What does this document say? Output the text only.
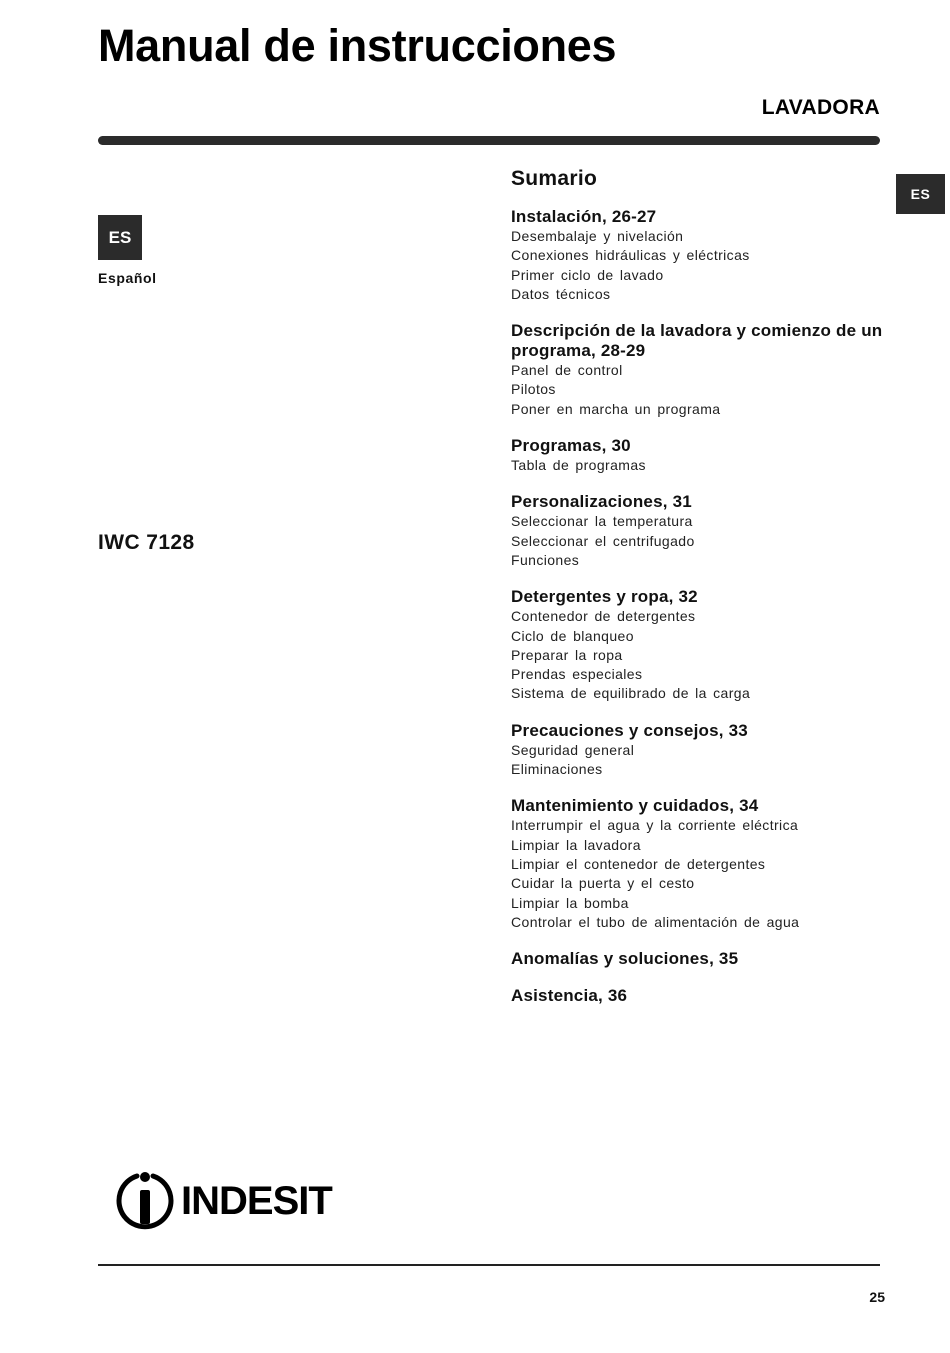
Manual de instrucciones
LAVADORA
ES
ES
Español
IWC 7128
Sumario
Instalación, 26-27
Desembalaje y nivelación
Conexiones hidráulicas y eléctricas
Primer ciclo de lavado
Datos técnicos
Descripción de la lavadora y comienzo de un programa, 28-29
Panel de control
Pilotos
Poner en marcha un programa
Programas, 30
Tabla de programas
Personalizaciones, 31
Seleccionar la temperatura
Seleccionar el centrifugado
Funciones
Detergentes y ropa, 32
Contenedor de detergentes
Ciclo de blanqueo
Preparar la ropa
Prendas especiales
Sistema de equilibrado de la carga
Precauciones y consejos, 33
Seguridad general
Eliminaciones
Mantenimiento y cuidados, 34
Interrumpir el agua y la corriente eléctrica
Limpiar la lavadora
Limpiar el contenedor de detergentes
Cuidar la puerta y el cesto
Limpiar la bomba
Controlar el tubo de alimentación de agua
Anomalías y soluciones, 35
Asistencia, 36
INDESIT
25
